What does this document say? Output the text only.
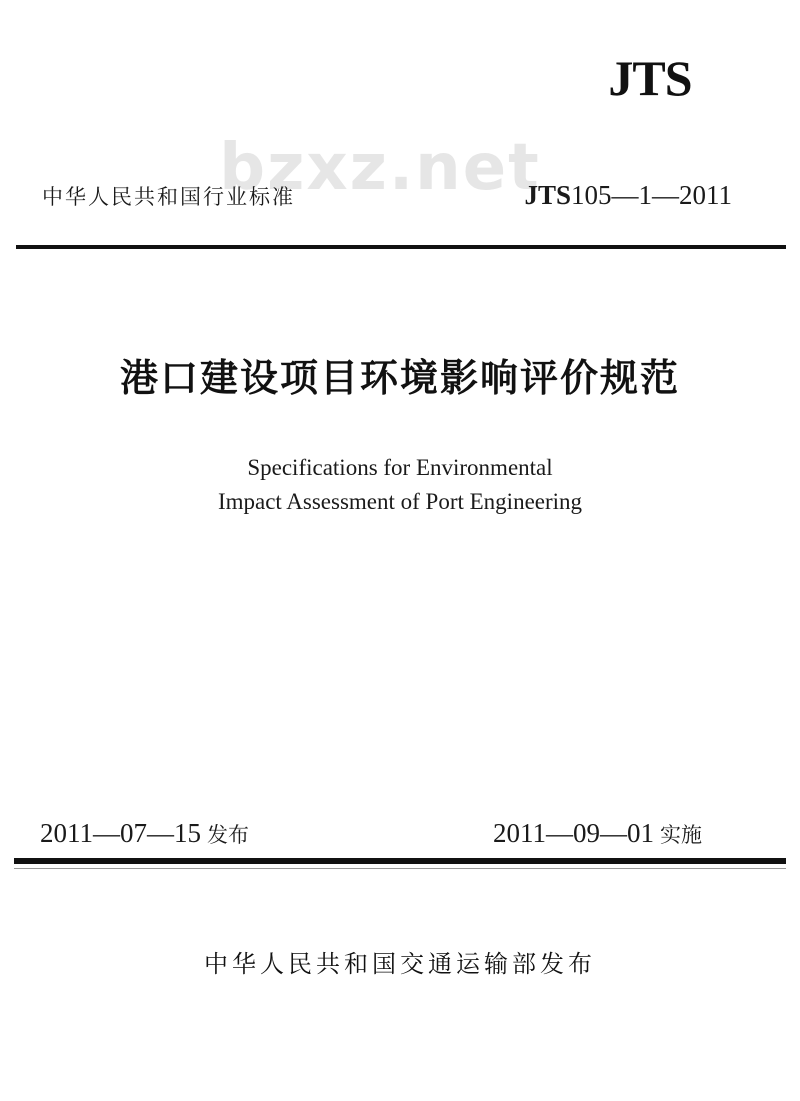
JTS
bzxz.net
中华人民共和国行业标准	JTS105—1—2011
港口建设项目环境影响评价规范
Specifications for Environmental
Impact Assessment of Port Engineering
2011—07—15 发布	2011—09—01 实施
中华人民共和国交通运输部发布
